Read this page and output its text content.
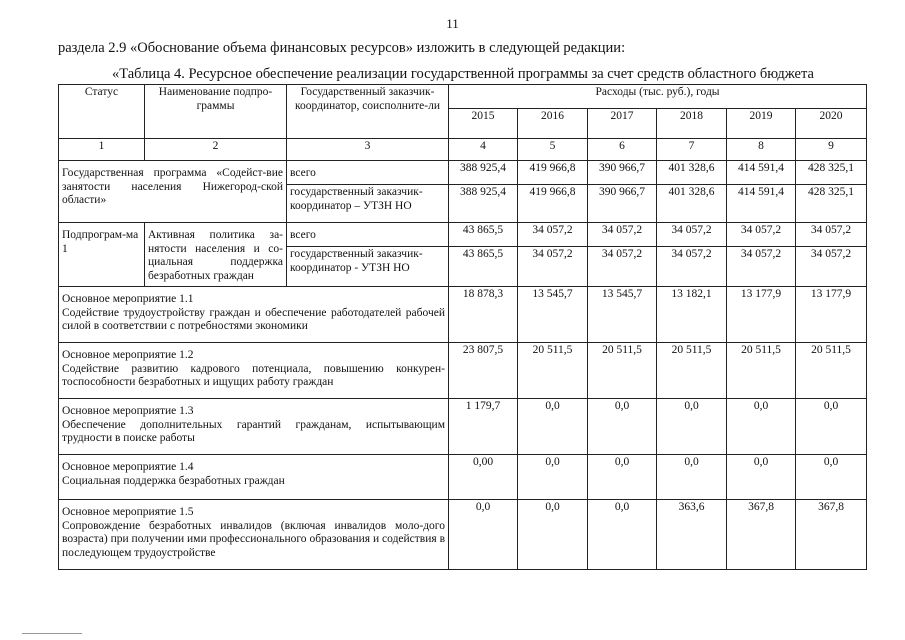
11
раздела 2.9 «Обоснование объема финансовых ресурсов» изложить в следующей редакции:
«Таблица 4. Ресурсное обеспечение реализации государственной программы за счет средств областного бюджета
Статус	Наименование подпро-граммы	Государственный заказчик-координатор, соисполните-ли	Расходы (тыс. руб.), годы					
			2015	2016	2017	2018	2019	2020
1	2	3	4	5	6	7	8	9
Государственная программа «Содейст-вие занятости населения Нижегород-ской области»		всего	388 925,4	419 966,8	390 966,7	401 328,6	414 591,4	428 325,1
		государственный заказчик-координатор – УТЗН НО	388 925,4	419 966,8	390 966,7	401 328,6	414 591,4	428 325,1
Подпрограм-ма 1	Активная политика за-нятости населения и со-циальная поддержка безработных граждан	всего	43 865,5	34 057,2	34 057,2	34 057,2	34 057,2	34 057,2
		государственный заказчик-координатор - УТЗН НО	43 865,5	34 057,2	34 057,2	34 057,2	34 057,2	34 057,2

Основное мероприятие 1.1
Содействие трудоустройству граждан и обеспечение работодателей рабочей силой в соответствии с потребностями экономики			18 878,3	13 545,7	13 545,7	13 182,1	13 177,9	13 177,9

Основное мероприятие 1.2
Содействие развитию кадрового потенциала, повышению конкурен-тоспособности безработных и ищущих работу граждан			23 807,5	20 511,5	20 511,5	20 511,5	20 511,5	20 511,5

Основное мероприятие 1.3
Обеспечение дополнительных гарантий гражданам, испытывающим трудности в поиске работы			1 179,7	0,0	0,0	0,0	0,0	0,0

Основное мероприятие 1.4
Социальная поддержка безработных граждан			0,00	0,0	0,0	0,0	0,0	0,0

Основное мероприятие 1.5
Сопровождение безработных инвалидов (включая инвалидов моло-дого возраста) при получении ими профессионального образования и содействия в последующем трудоустройстве			0,0	0,0	0,0	363,6	367,8	367,8
